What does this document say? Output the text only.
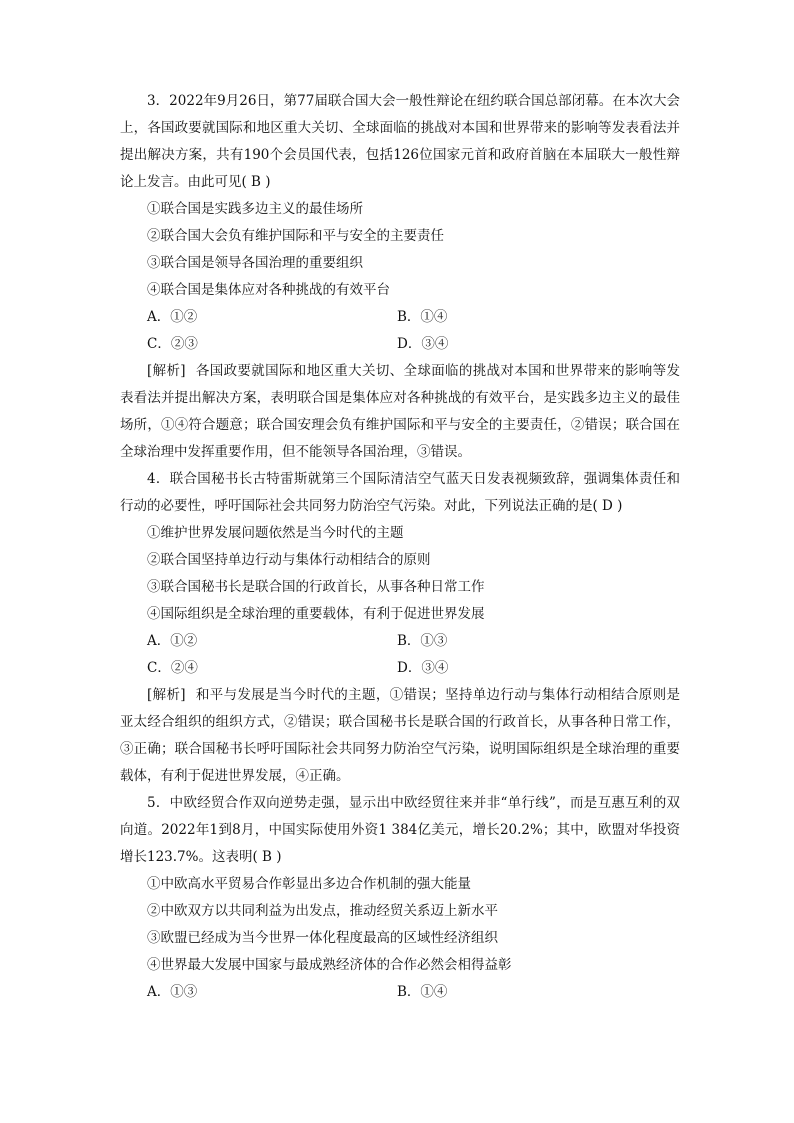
3．2022年9月26日，第77届联合国大会一般性辩论在纽约联合国总部闭幕。在本次大会上，各国政要就国际和地区重大关切、全球面临的挑战对本国和世界带来的影响等发表看法并提出解决方案，共有190个会员国代表，包括126位国家元首和政府首脑在本届联大一般性辩论上发言。由此可见( B )

①联合国是实践多边主义的最佳场所

②联合国大会负有维护国际和平与安全的主要责任

③联合国是领导各国治理的重要组织

④联合国是集体应对各种挑战的有效平台

A．①②	B．①④
C．②③	D．③④

[解析] 各国政要就国际和地区重大关切、全球面临的挑战对本国和世界带来的影响等发表看法并提出解决方案，表明联合国是集体应对各种挑战的有效平台，是实践多边主义的最佳场所，①④符合题意；联合国安理会负有维护国际和平与安全的主要责任，②错误；联合国在全球治理中发挥重要作用，但不能领导各国治理，③错误。

4．联合国秘书长古特雷斯就第三个国际清洁空气蓝天日发表视频致辞，强调集体责任和行动的必要性，呼吁国际社会共同努力防治空气污染。对此，下列说法正确的是( D )

①维护世界发展问题依然是当今时代的主题

②联合国坚持单边行动与集体行动相结合的原则

③联合国秘书长是联合国的行政首长，从事各种日常工作

④国际组织是全球治理的重要载体，有利于促进世界发展

A．①②	B．①③
C．②④	D．③④

[解析] 和平与发展是当今时代的主题，①错误；坚持单边行动与集体行动相结合原则是亚太经合组织的组织方式，②错误；联合国秘书长是联合国的行政首长，从事各种日常工作，③正确；联合国秘书长呼吁国际社会共同努力防治空气污染，说明国际组织是全球治理的重要载体，有利于促进世界发展，④正确。

5．中欧经贸合作双向逆势走强，显示出中欧经贸往来并非“单行线”，而是互惠互利的双向道。2022年1到8月，中国实际使用外资1 384亿美元，增长20.2%；其中，欧盟对华投资增长123.7%。这表明( B )

①中欧高水平贸易合作彰显出多边合作机制的强大能量

②中欧双方以共同利益为出发点，推动经贸关系迈上新水平

③欧盟已经成为当今世界一体化程度最高的区域性经济组织

④世界最大发展中国家与最成熟经济体的合作必然会相得益彰

A．①③	B．①④
